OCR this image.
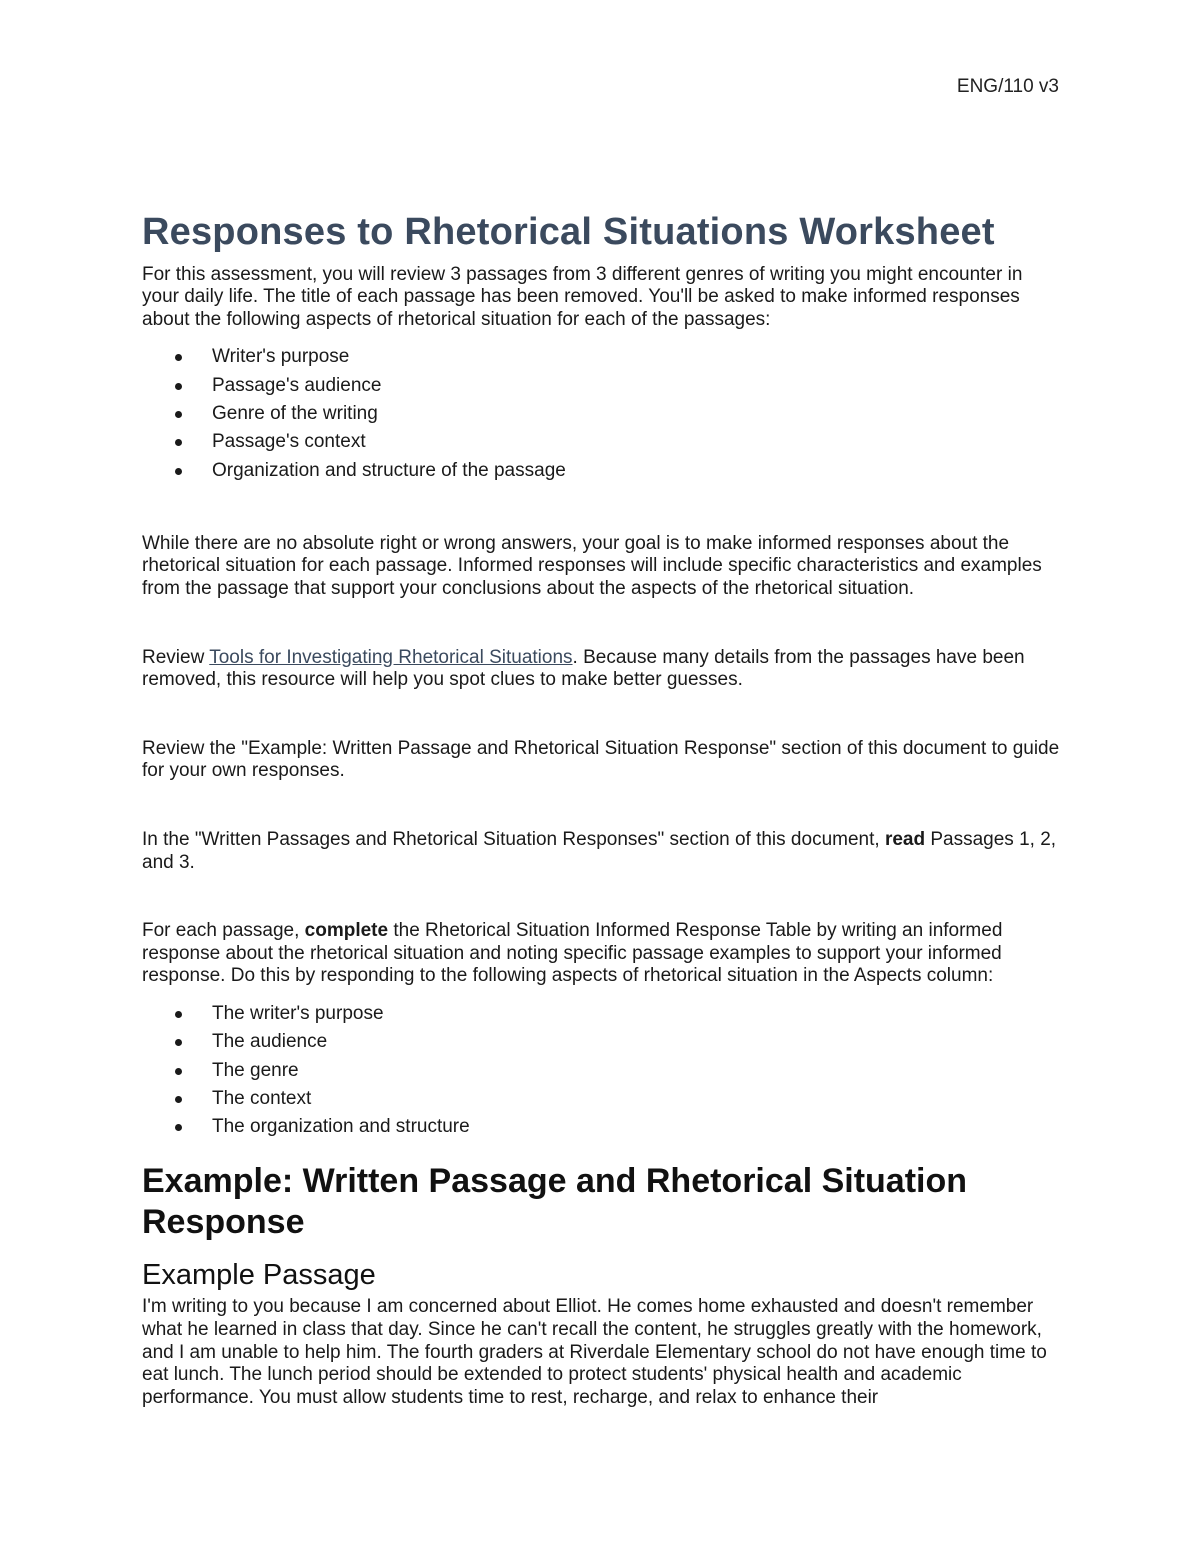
ENG/110 v3
Responses to Rhetorical Situations Worksheet

For this assessment, you will review 3 passages from 3 different genres of writing you might encounter in your daily life. The title of each passage has been removed. You'll be asked to make informed responses about the following aspects of rhetorical situation for each of the passages:

Writer's purpose
Passage's audience
Genre of the writing
Passage's context
Organization and structure of the passage

While there are no absolute right or wrong answers, your goal is to make informed responses about the rhetorical situation for each passage. Informed responses will include specific characteristics and examples from the passage that support your conclusions about the aspects of the rhetorical situation.

Review Tools for Investigating Rhetorical Situations. Because many details from the passages have been removed, this resource will help you spot clues to make better guesses.

Review the "Example: Written Passage and Rhetorical Situation Response" section of this document to guide for your own responses.

In the "Written Passages and Rhetorical Situation Responses" section of this document, read Passages 1, 2, and 3.

For each passage, complete the Rhetorical Situation Informed Response Table by writing an informed response about the rhetorical situation and noting specific passage examples to support your informed response. Do this by responding to the following aspects of rhetorical situation in the Aspects column:

The writer's purpose
The audience
The genre
The context
The organization and structure
Example: Written Passage and Rhetorical Situation Response
Example Passage

I'm writing to you because I am concerned about Elliot. He comes home exhausted and doesn't remember what he learned in class that day. Since he can't recall the content, he struggles greatly with the homework, and I am unable to help him. The fourth graders at Riverdale Elementary school do not have enough time to eat lunch. The lunch period should be extended to protect students' physical health and academic performance. You must allow students time to rest, recharge, and relax to enhance their
